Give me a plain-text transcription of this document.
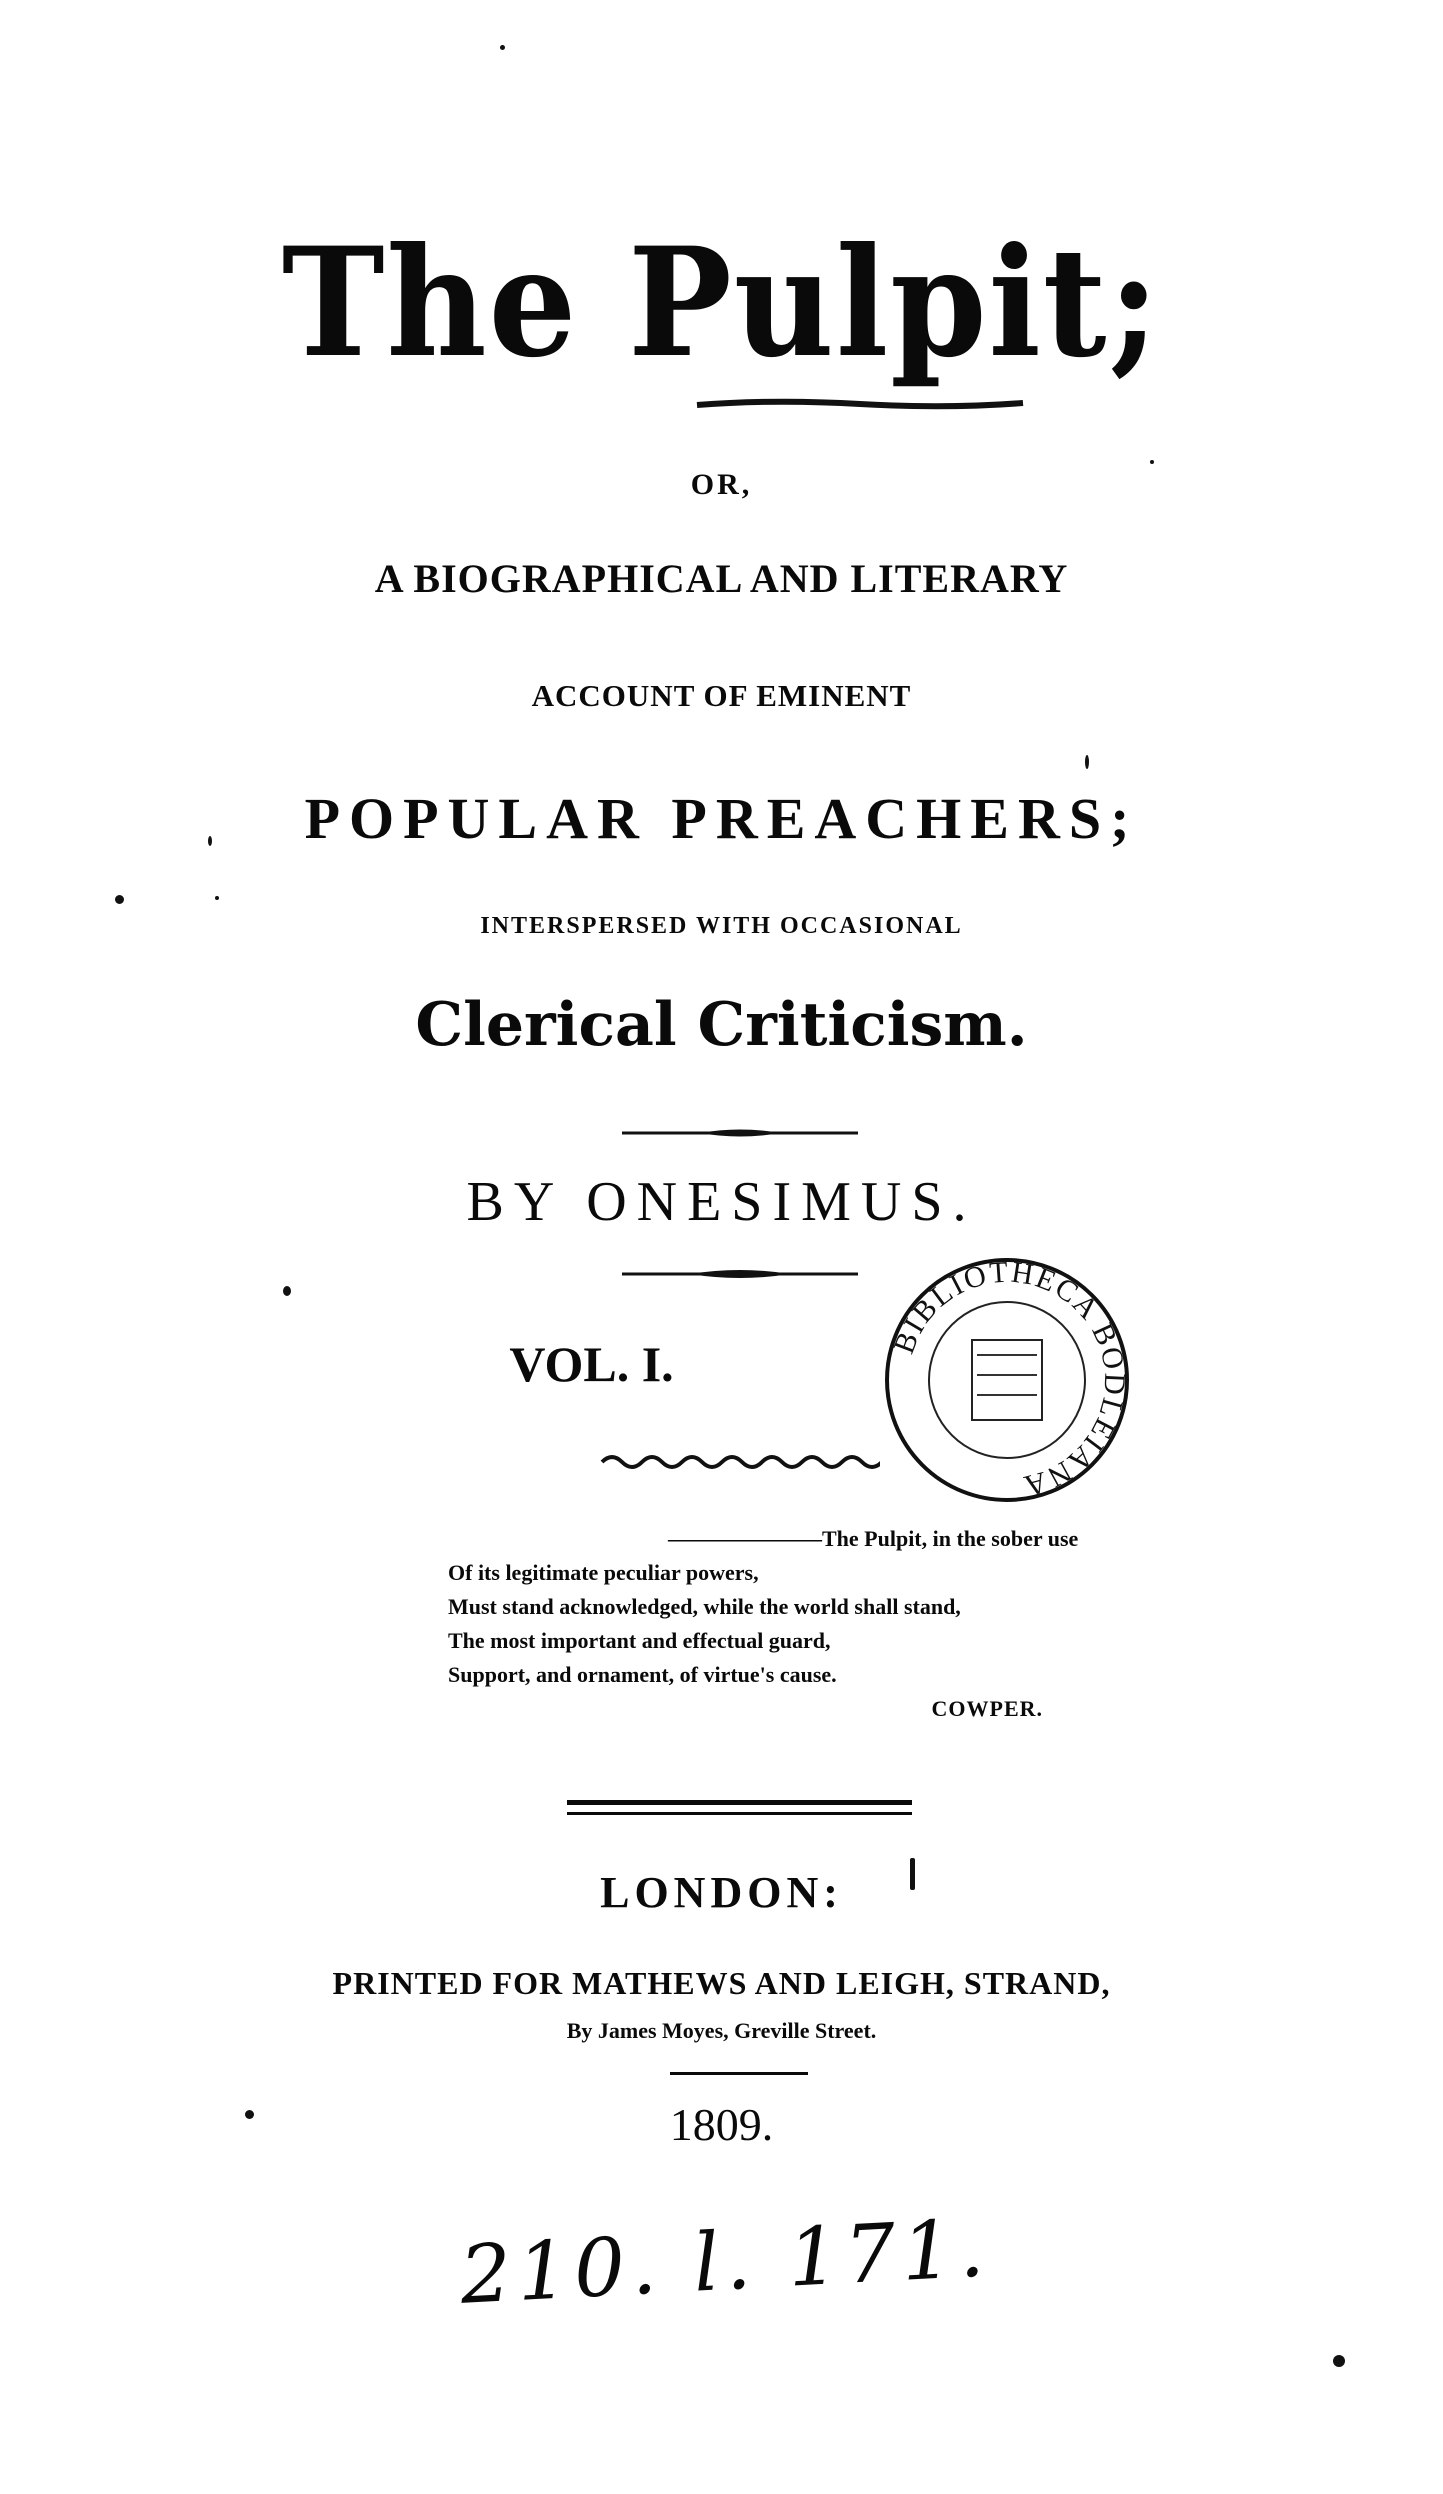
The Pulpit;
OR,
A BIOGRAPHICAL AND LITERARY
ACCOUNT OF EMINENT
POPULAR PREACHERS;
INTERSPERSED WITH OCCASIONAL
Clerical Criticism.
BY ONESIMUS.
VOL. I.	BIBLIOTHECA BODLEIANA
———————The Pulpit, in the sober use
Of its legitimate peculiar powers,
Must stand acknowledged, while the world shall stand,
The most important and effectual guard,
Support, and ornament, of virtue's cause.
COWPER.
LONDON:
PRINTED FOR MATHEWS AND LEIGH, STRAND,
By James Moyes, Greville Street.
1809.
210. l. 171.
